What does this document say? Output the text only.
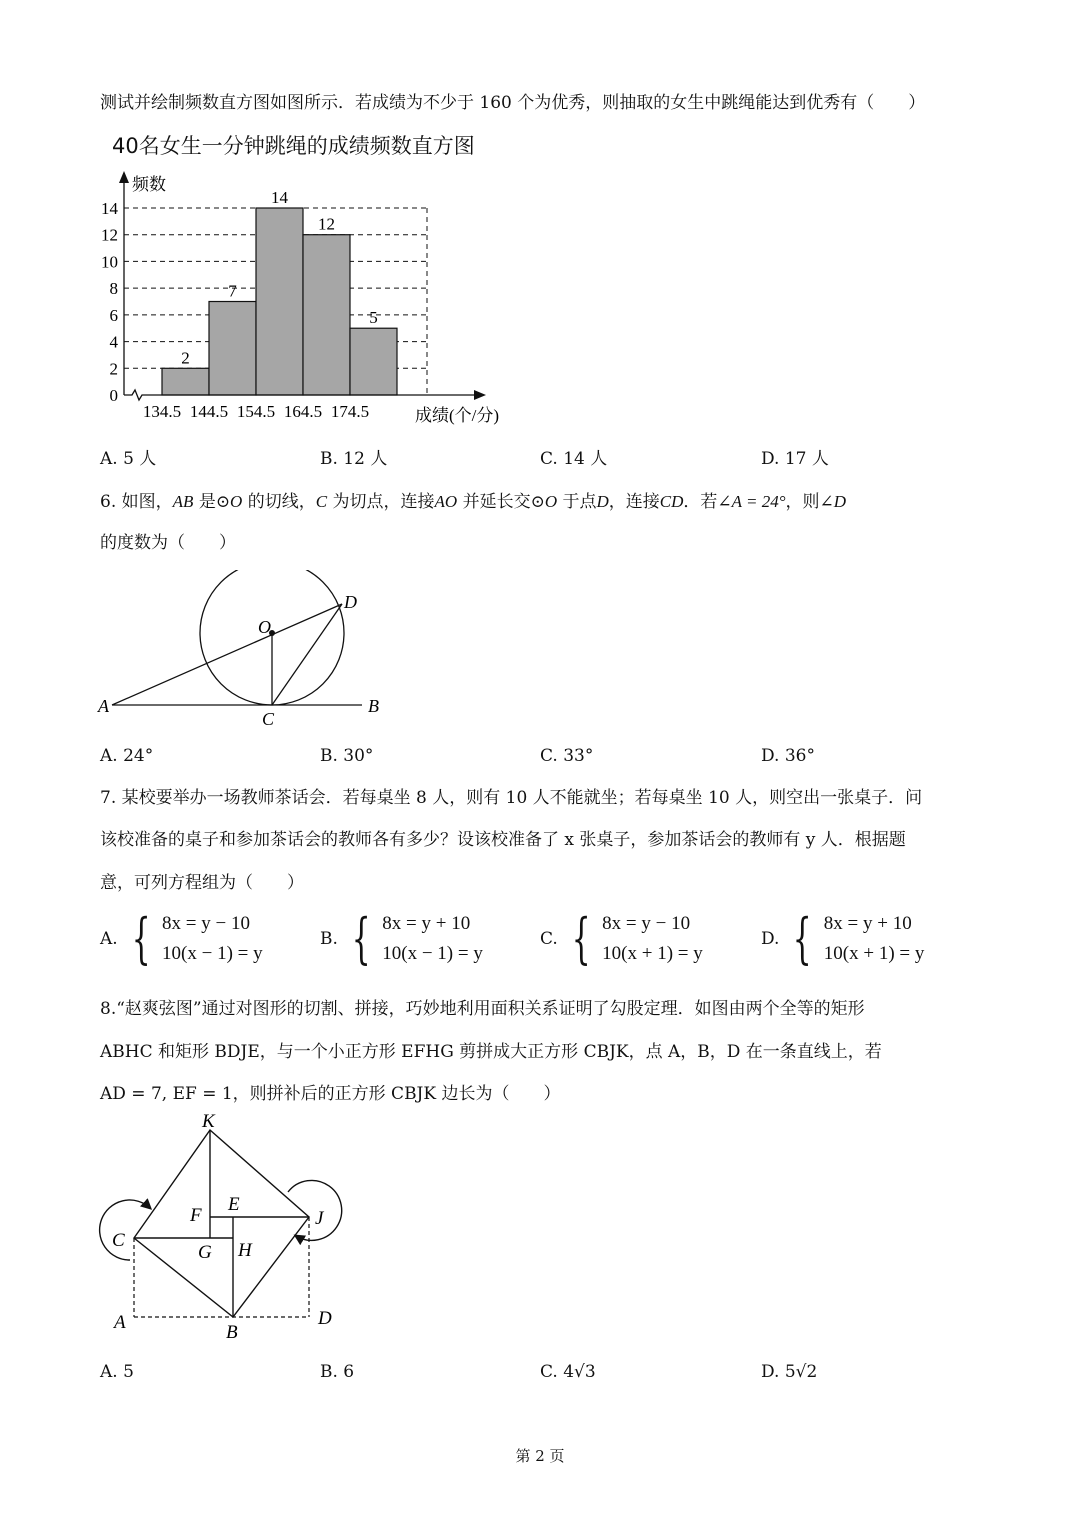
测试并绘制频数直方图如图所示．若成绩为不少于 160 个为优秀，则抽取的女生中跳绳能达到优秀有（　　）
40名女生一分钟跳绳的成绩频数直方图
2
7
14
12
5
0
2
4
6
8
10
12
14
134.5 144.5 154.5 164.5 174.5
频数
成绩(个/分)
A. 5 人	B. 12 人	C. 14 人	D. 17 人
6. 如图，AB 是⊙O 的切线，C 为切点，连接AO 并延长交⊙O 于点D，连接CD．若∠A = 24°，则∠D
的度数为（　　）
O
D
A	B
C
A. 24°	B. 30°	C. 33°	D. 36°
7. 某校要举办一场教师茶话会．若每桌坐 8 人，则有 10 人不能就坐；若每桌坐 10 人，则空出一张桌子．问
该校准备的桌子和参加茶话会的教师各有多少？设该校准备了 x 张桌子，参加茶话会的教师有 y 人．根据题
意，可列方程组为（　　）
A. { 8x = y − 10
10(x − 1) = y
B. { 8x = y + 10
10(x − 1) = y
C. { 8x = y − 10
10(x + 1) = y
D. { 8x = y + 10
10(x + 1) = y
8.“赵爽弦图”通过对图形的切割、拼接，巧妙地利用面积关系证明了勾股定理．如图由两个全等的矩形
ABHC 和矩形 BDJE，与一个小正方形 EFHG 剪拼成大正方形 CBJK，点 A，B，D 在一条直线上，若
AD = 7, EF = 1，则拼补后的正方形 CBJK 边长为（　　）
K
F
E
J
C
G H
A	B
D
A. 5	B. 6	C. 4√3	D. 5√2
第 2 页
